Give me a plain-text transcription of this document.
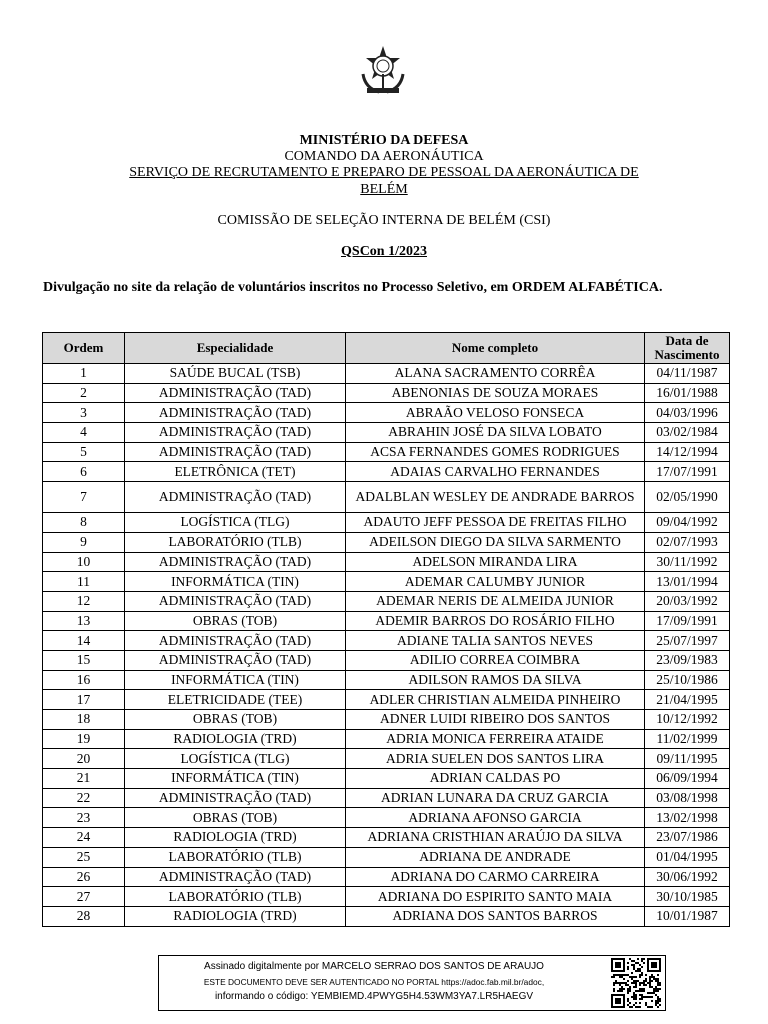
MINISTÉRIO DA DEFESA
COMANDO DA AERONÁUTICA
SERVIÇO DE RECRUTAMENTO E PREPARO DE PESSOAL DA AERONÁUTICA DE
BELÉM
COMISSÃO DE SELEÇÃO INTERNA DE BELÉM (CSI)
QSCon 1/2023
Divulgação no site da relação de voluntários inscritos no Processo Seletivo, em ORDEM ALFABÉTICA.
Ordem	Especialidade	Nome completo	Data de
Nascimento
1	SAÚDE BUCAL (TSB)	ALANA SACRAMENTO CORRÊA	04/11/1987
2	ADMINISTRAÇÃO (TAD)	ABENONIAS DE SOUZA MORAES	16/01/1988
3	ADMINISTRAÇÃO (TAD)	ABRAÃO VELOSO FONSECA	04/03/1996
4	ADMINISTRAÇÃO (TAD)	ABRAHIN JOSÉ DA SILVA LOBATO	03/02/1984
5	ADMINISTRAÇÃO (TAD)	ACSA FERNANDES GOMES RODRIGUES	14/12/1994
6	ELETRÔNICA (TET)	ADAIAS CARVALHO FERNANDES	17/07/1991
7	ADMINISTRAÇÃO (TAD)	ADALBLAN WESLEY DE ANDRADE BARROS	02/05/1990
8	LOGÍSTICA (TLG)	ADAUTO JEFF PESSOA DE FREITAS FILHO	09/04/1992
9	LABORATÓRIO (TLB)	ADEILSON DIEGO DA SILVA SARMENTO	02/07/1993
10	ADMINISTRAÇÃO (TAD)	ADELSON MIRANDA LIRA	30/11/1992
11	INFORMÁTICA (TIN)	ADEMAR CALUMBY JUNIOR	13/01/1994
12	ADMINISTRAÇÃO (TAD)	ADEMAR NERIS DE ALMEIDA JUNIOR	20/03/1992
13	OBRAS (TOB)	ADEMIR BARROS DO ROSÁRIO FILHO	17/09/1991
14	ADMINISTRAÇÃO (TAD)	ADIANE TALIA SANTOS NEVES	25/07/1997
15	ADMINISTRAÇÃO (TAD)	ADILIO CORREA COIMBRA	23/09/1983
16	INFORMÁTICA (TIN)	ADILSON RAMOS DA SILVA	25/10/1986
17	ELETRICIDADE (TEE)	ADLER CHRISTIAN ALMEIDA PINHEIRO	21/04/1995
18	OBRAS (TOB)	ADNER LUIDI RIBEIRO DOS SANTOS	10/12/1992
19	RADIOLOGIA (TRD)	ADRIA MONICA FERREIRA ATAIDE	11/02/1999
20	LOGÍSTICA (TLG)	ADRIA SUELEN DOS SANTOS LIRA	09/11/1995
21	INFORMÁTICA (TIN)	ADRIAN CALDAS PO	06/09/1994
22	ADMINISTRAÇÃO (TAD)	ADRIAN LUNARA DA CRUZ GARCIA	03/08/1998
23	OBRAS (TOB)	ADRIANA AFONSO GARCIA	13/02/1998
24	RADIOLOGIA (TRD)	ADRIANA CRISTHIAN ARAÚJO DA SILVA	23/07/1986
25	LABORATÓRIO (TLB)	ADRIANA DE ANDRADE	01/04/1995
26	ADMINISTRAÇÃO (TAD)	ADRIANA DO CARMO CARREIRA	30/06/1992
27	LABORATÓRIO (TLB)	ADRIANA DO ESPIRITO SANTO MAIA	30/10/1985
28	RADIOLOGIA (TRD)	ADRIANA DOS SANTOS BARROS	10/01/1987
Assinado digitalmente por MARCELO SERRAO DOS SANTOS DE ARAUJO
ESTE DOCUMENTO DEVE SER AUTENTICADO NO PORTAL https://adoc.fab.mil.br/adoc,
informando o código: YEMBIEMD.4PWYG5H4.53WM3YA7.LR5HAEGV
